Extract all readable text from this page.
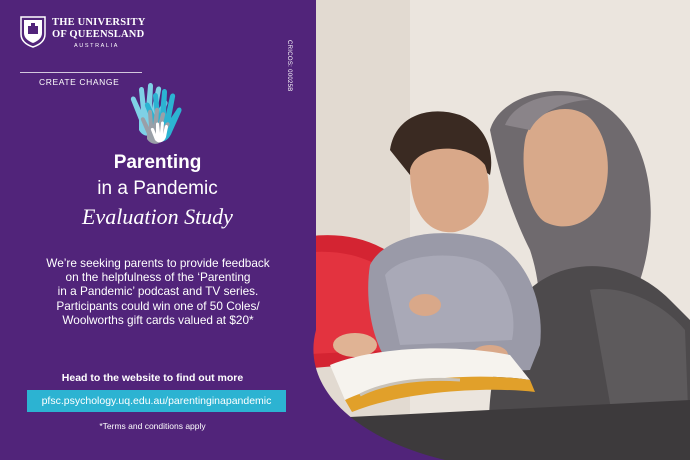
THE UNIVERSITY
OF QUEENSLAND
AUSTRALIA
CREATE CHANGE	CRICOS: 00025B
Parenting
in a Pandemic
Evaluation Study
We’re seeking parents to provide feedback
on the helpfulness of the ‘Parenting
in a Pandemic’ podcast and TV series.
Participants could win one of 50 Coles/
Woolworths gift cards valued at $20*
Head to the website to find out more
pfsc.psychology.uq.edu.au/parentinginapandemic
*Terms and conditions apply
